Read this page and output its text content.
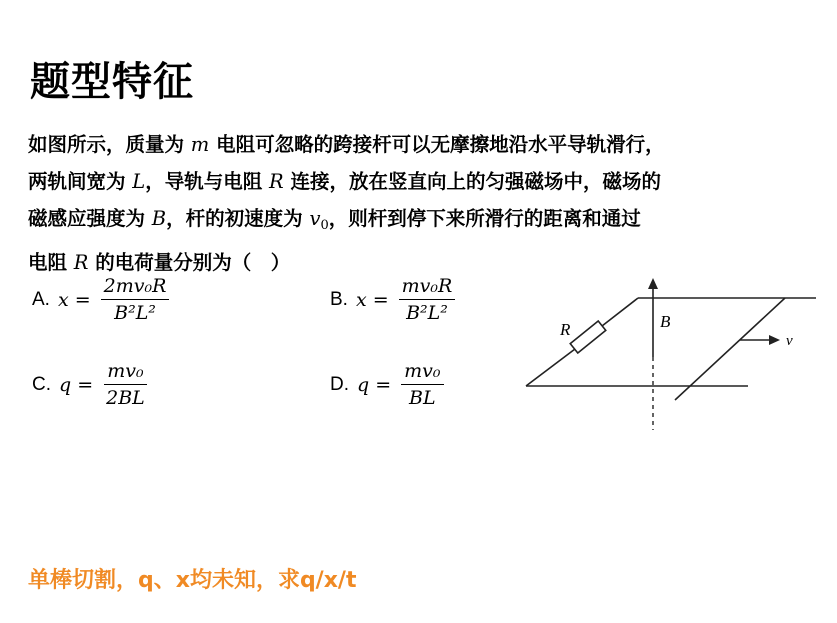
题型特征
如图所示，质量为 m 电阻可忽略的跨接杆可以无摩擦地沿水平导轨滑行，
两轨间宽为 L，导轨与电阻 R 连接，放在竖直向上的匀强磁场中，磁场的
磁感应强度为 B，杆的初速度为 $v_0$，则杆到停下来所滑行的距离和通过
电阻 R 的电荷量分别为（　）
A. $x = \frac{\text{2mv₀R}}{\text{B²L²}}$	B. $x = \frac{\text{mv₀R}}{\text{B²L²}}$
C. $q = \frac{\text{mv₀}}{2BL}$	D. $q = \frac{\text{mv₀}}{BL}$
R	B
v
单棒切割，q、x均未知，求q/x/t
